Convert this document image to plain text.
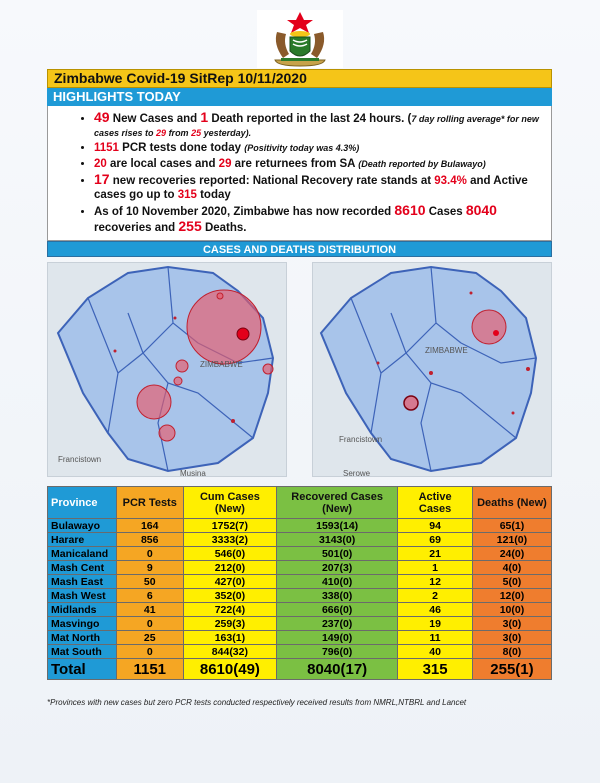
Zimbabwe Covid-19 SitRep 10/11/2020
HIGHLIGHTS TODAY
• 49 New Cases and 1 Death reported in the last 24 hours. (7 day rolling average* for new cases rises to 29 from 25 yesterday).
• 1151 PCR tests done today (Positivity today was 4.3%)
• 20 are local cases and 29 are returnees from SA (Death reported by Bulawayo)
• 17 new recoveries reported: National Recovery rate stands at 93.4% and Active cases go up to 315 today
• As of 10 November 2020, Zimbabwe has now recorded 8610 Cases 8040 recoveries and 255 Deaths.
CASES AND DEATHS DISTRIBUTION
ZIMBABWE
Francistown
Musina
ZIMBABWE
Francistown
Serowe
Province	PCR Tests	Cum Cases (New)	Recovered Cases (New)	Active Cases	Deaths (New)
Bulawayo	164	1752(7)	1593(14)	94	65(1)
Harare	856	3333(2)	3143(0)	69	121(0)
Manicaland	0	546(0)	501(0)	21	24(0)
Mash Cent	9	212(0)	207(3)	1	4(0)
Mash East	50	427(0)	410(0)	12	5(0)
Mash West	6	352(0)	338(0)	2	12(0)
Midlands	41	722(4)	666(0)	46	10(0)
Masvingo	0	259(3)	237(0)	19	3(0)
Mat North	25	163(1)	149(0)	11	3(0)
Mat South	0	844(32)	796(0)	40	8(0)
Total	1151	8610(49)	8040(17)	315	255(1)
*Provinces with new cases but zero PCR tests conducted respectively received results from NMRL,NTBRL and Lancet
